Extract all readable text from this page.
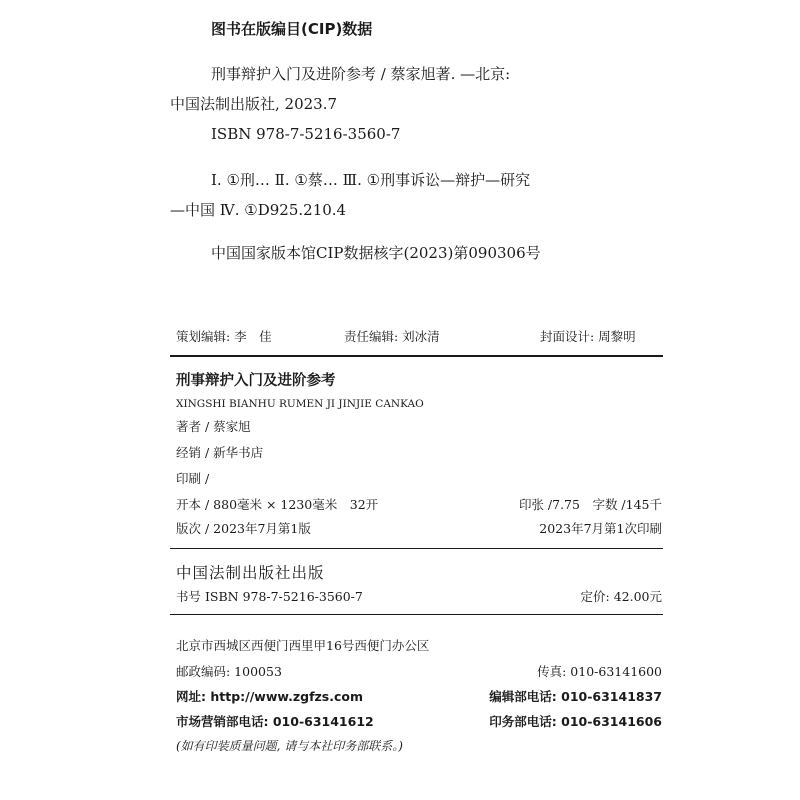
图书在版编目(CIP)数据
刑事辩护入门及进阶参考 / 蔡家旭著. —北京:
中国法制出版社, 2023.7
ISBN 978-7-5216-3560-7
Ⅰ. ①刑… Ⅱ. ①蔡… Ⅲ. ①刑事诉讼—辩护—研究
—中国 Ⅳ. ①D925.210.4
中国国家版本馆CIP数据核字(2023)第090306号
策划编辑: 李　佳	责任编辑: 刘冰清	封面设计: 周黎明
刑事辩护入门及进阶参考
XINGSHI BIANHU RUMEN JI JINJIE CANKAO
著者 / 蔡家旭
经销 / 新华书店
印刷 /
开本 / 880毫米 × 1230毫米　32开	印张 /7.75　字数 /145千
版次 / 2023年7月第1版	2023年7月第1次印刷
中国法制出版社出版
书号 ISBN 978-7-5216-3560-7	定价: 42.00元
北京市西城区西便门西里甲16号西便门办公区
邮政编码: 100053	传真: 010-63141600
网址: http://www.zgfzs.com	编辑部电话: 010-63141837
市场营销部电话: 010-63141612	印务部电话: 010-63141606
(如有印装质量问题, 请与本社印务部联系。)
